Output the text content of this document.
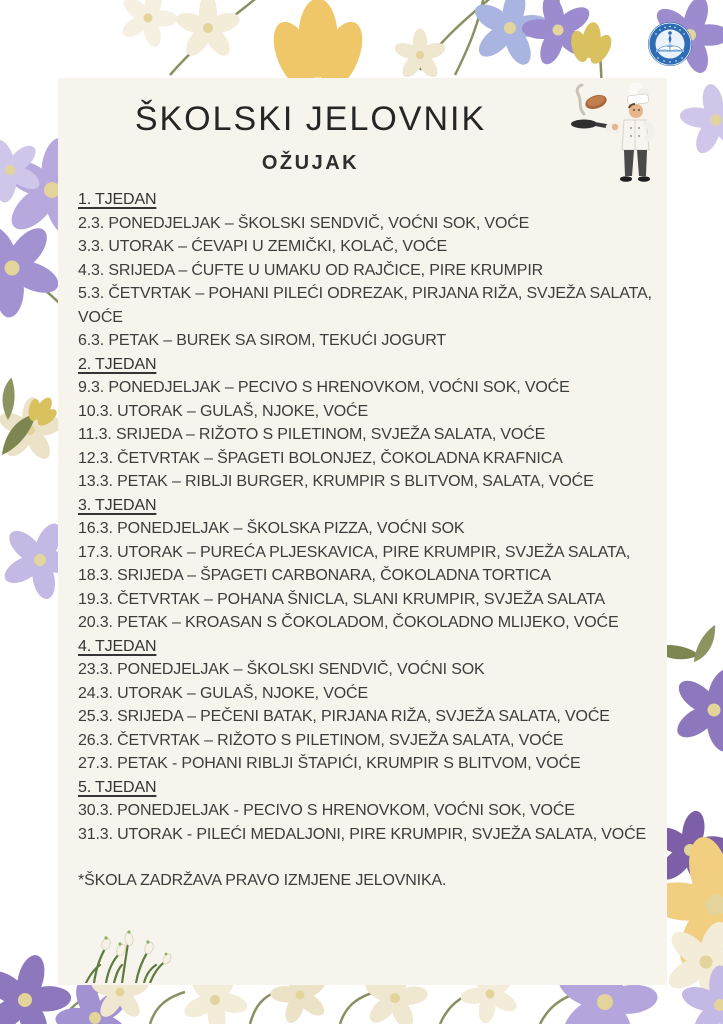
ŠKOLSKI JELOVNIK
OŽUJAK
1. TJEDAN
2.3. PONEDJELJAK – ŠKOLSKI SENDVIČ, VOĆNI SOK, VOĆE
3.3. UTORAK – ĆEVAPI U ZEMIČKI, KOLAČ, VOĆE
4.3. SRIJEDA – ĆUFTE U UMAKU OD RAJČICE, PIRE KRUMPIR
5.3. ČETVRTAK – POHANI PILEĆI ODREZAK, PIRJANA RIŽA, SVJEŽA SALATA, VOĆE
6.3. PETAK – BUREK SA SIROM, TEKUĆI JOGURT
2. TJEDAN
9.3. PONEDJELJAK – PECIVO S HRENOVKOM, VOĆNI SOK, VOĆE
10.3. UTORAK – GULAŠ, NJOKE, VOĆE
11.3. SRIJEDA – RIŽOTO S PILETINOM, SVJEŽA SALATA, VOĆE
12.3. ČETVRTAK – ŠPAGETI BOLONJEZ, ČOKOLADNA KRAFNICA
13.3. PETAK – RIBLJI BURGER, KRUMPIR S BLITVOM, SALATA, VOĆE
3. TJEDAN
16.3. PONEDJELJAK – ŠKOLSKA PIZZA, VOĆNI SOK
17.3. UTORAK – PUREĆA PLJESKAVICA, PIRE KRUMPIR, SVJEŽA SALATA,
18.3. SRIJEDA – ŠPAGETI CARBONARA, ČOKOLADNA TORTICA
19.3. ČETVRTAK – POHANA ŠNICLA, SLANI KRUMPIR, SVJEŽA SALATA
20.3. PETAK – KROASAN S ČOKOLADOM, ČOKOLADNO MLIJEKO, VOĆE
4. TJEDAN
23.3. PONEDJELJAK – ŠKOLSKI SENDVIČ, VOĆNI SOK
24.3. UTORAK – GULAŠ, NJOKE, VOĆE
25.3. SRIJEDA – PEČENI BATAK, PIRJANA RIŽA, SVJEŽA SALATA, VOĆE
26.3. ČETVRTAK – RIŽOTO S PILETINOM, SVJEŽA SALATA, VOĆE
27.3. PETAK - POHANI RIBLJI ŠTAPIĆI, KRUMPIR S BLITVOM, VOĆE
5. TJEDAN
30.3. PONEDJELJAK - PECIVO S HRENOVKOM, VOĆNI SOK, VOĆE
31.3. UTORAK - PILEĆI MEDALJONI, PIRE KRUMPIR, SVJEŽA SALATA, VOĆE
*ŠKOLA ZADRŽAVA PRAVO IZMJENE JELOVNIKA.
